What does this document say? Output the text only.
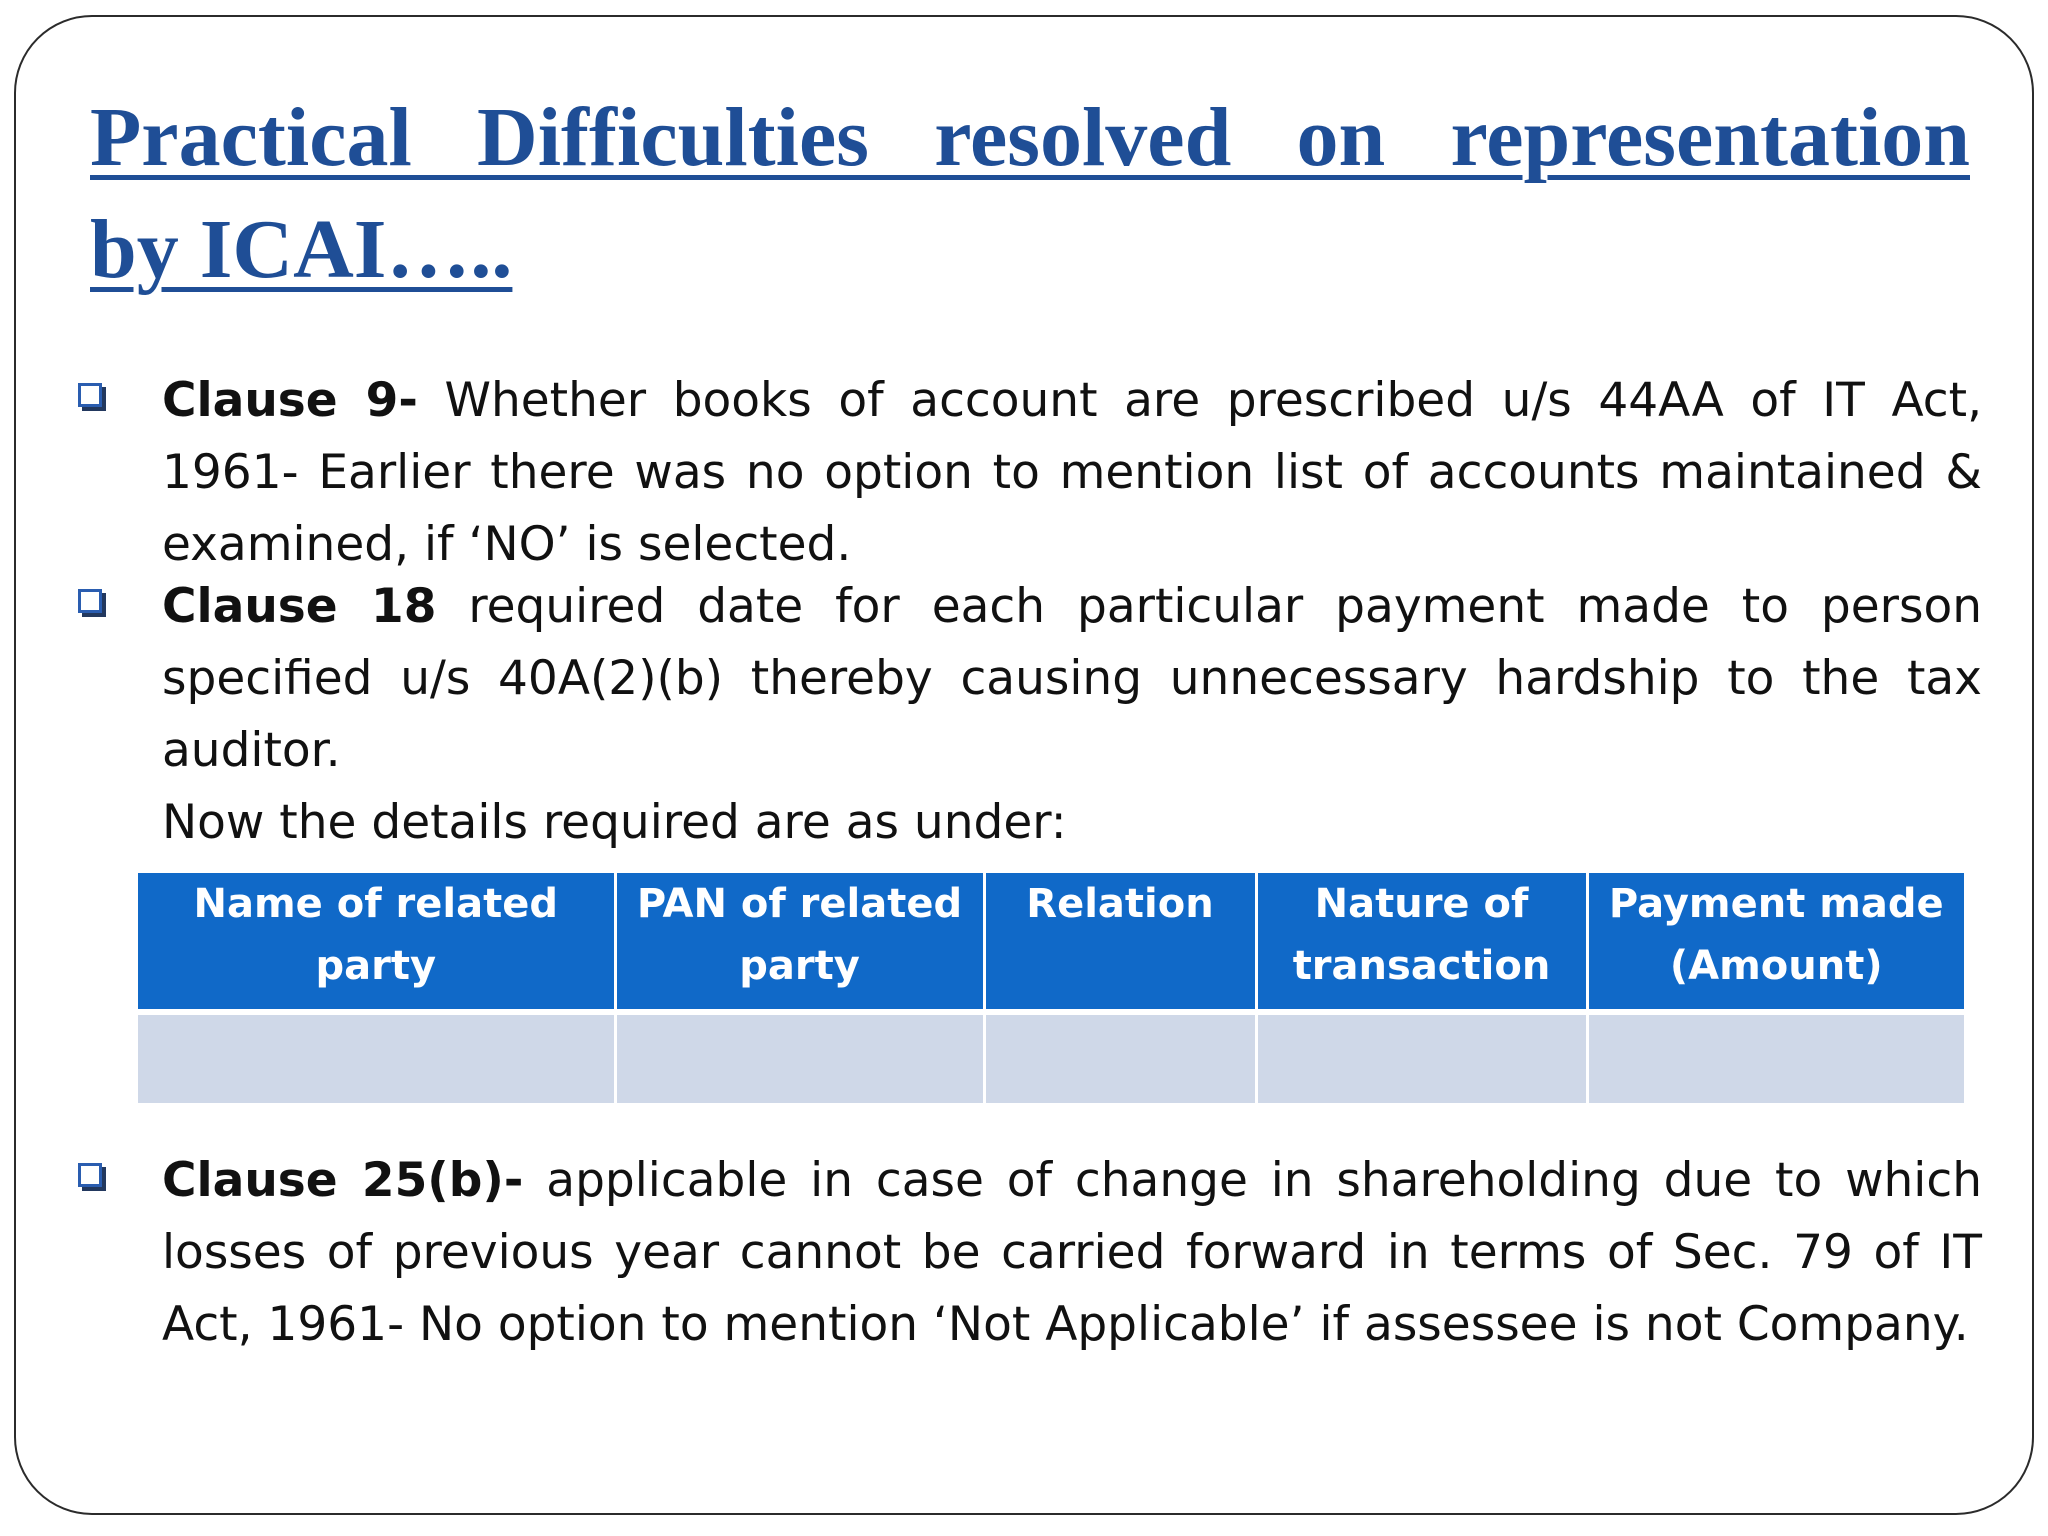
Practical Difficulties resolved on representation
by ICAI…..

Clause 9- Whether books of account are prescribed u/s 44AA of IT Act, 1961- Earlier there was no option to mention list of accounts maintained & examined, if ‘NO’ is selected.

Clause 18 required date for each particular payment made to person specified u/s 40A(2)(b) thereby causing unnecessary hardship to the tax auditor.

Now the details required are as under:
Name of related party	PAN of related party	Relation	Nature of transaction	Payment made (Amount)

Clause 25(b)- applicable in case of change in shareholding due to which losses of previous year cannot be carried forward in terms of Sec. 79 of IT Act, 1961- No option to mention ‘Not Applicable’ if assessee is not Company.
